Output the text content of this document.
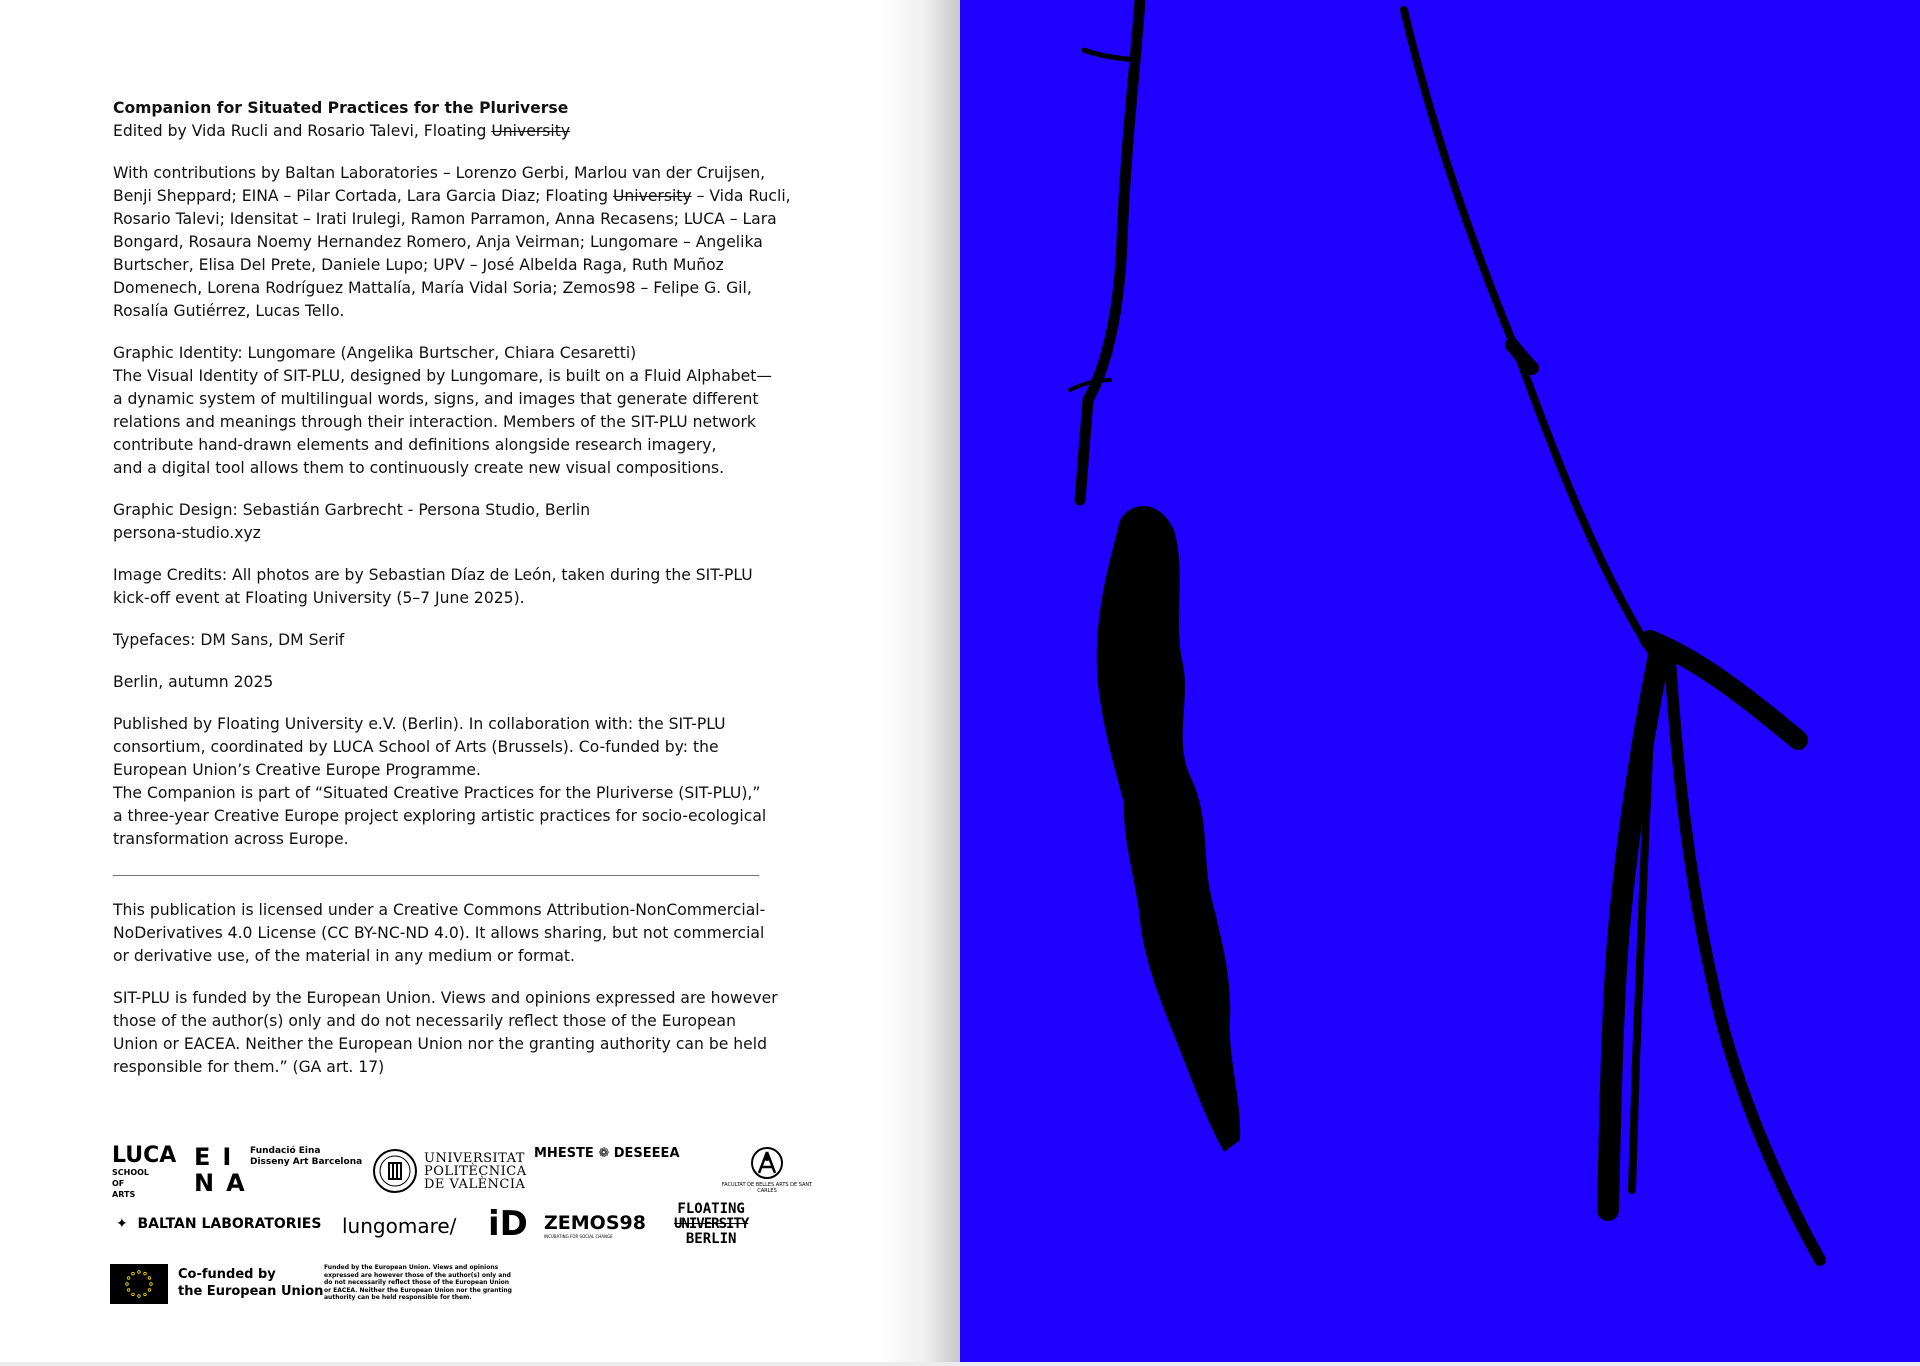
Companion for Situated Practices for the Pluriverse
Edited by Vida Rucli and Rosario Talevi, Floating University

With contributions by Baltan Laboratories – Lorenzo Gerbi, Marlou van der Cruijsen,
Benji Sheppard; EINA – Pilar Cortada, Lara Garcia Diaz; Floating University – Vida Rucli,
Rosario Talevi; Idensitat – Irati Irulegi, Ramon Parramon, Anna Recasens; LUCA – Lara
Bongard, Rosaura Noemy Hernandez Romero, Anja Veirman; Lungomare – Angelika
Burtscher, Elisa Del Prete, Daniele Lupo; UPV – José Albelda Raga, Ruth Muñoz
Domenech, Lorena Rodríguez Mattalía, María Vidal Soria; Zemos98 – Felipe G. Gil,
Rosalía Gutiérrez, Lucas Tello.

Graphic Identity: Lungomare (Angelika Burtscher, Chiara Cesaretti)
The Visual Identity of SIT-PLU, designed by Lungomare, is built on a Fluid Alphabet—
a dynamic system of multilingual words, signs, and images that generate different
relations and meanings through their interaction. Members of the SIT-PLU network
contribute hand-drawn elements and definitions alongside research imagery,
and a digital tool allows them to continuously create new visual compositions.

Graphic Design: Sebastián Garbrecht - Persona Studio, Berlin
persona-studio.xyz

Image Credits: All photos are by Sebastian Díaz de León, taken during the SIT-PLU
kick-off event at Floating University (5–7 June 2025).

Typefaces: DM Sans, DM Serif

Berlin, autumn 2025

Published by Floating University e.V. (Berlin). In collaboration with: the SIT-PLU
consortium, coordinated by LUCA School of Arts (Brussels). Co-funded by: the
European Union’s Creative Europe Programme.
The Companion is part of “Situated Creative Practices for the Pluriverse (SIT-PLU),”
a three-year Creative Europe project exploring artistic practices for socio-ecological
transformation across Europe.

This publication is licensed under a Creative Commons Attribution-NonCommercial-
NoDerivatives 4.0 License (CC BY-NC-ND 4.0). It allows sharing, but not commercial
or derivative use, of the material in any medium or format.

SIT-PLU is funded by the European Union. Views and opinions expressed are however
those of the author(s) only and do not necessarily reflect those of the European
Union or EACEA. Neither the European Union nor the granting authority can be held
responsible for them.” (GA art. 17)

LUCA
SCHOOL
OF
ARTS
EI
NA
Fundació Eina
Disseny Art Barcelona	UNIVERSITAT
POLITÈCNICA
DE VALÈNCIA
MHESTE ❁ DESEEEA
FACULTAT DE BELLES ARTS DE SANT CARLES
✦ BALTAN LABORATORIES lungomare/ iD ZEMOS98
INCUBATING FOR SOCIAL CHANGE
FLOATING
UNIVERSITY
BERLIN
Co-funded by
the European Union
Funded by the European Union. Views and opinions expressed are however those of the author(s) only and do not necessarily reflect those of the European Union or EACEA. Neither the European Union nor the granting authority can be held responsible for them.
